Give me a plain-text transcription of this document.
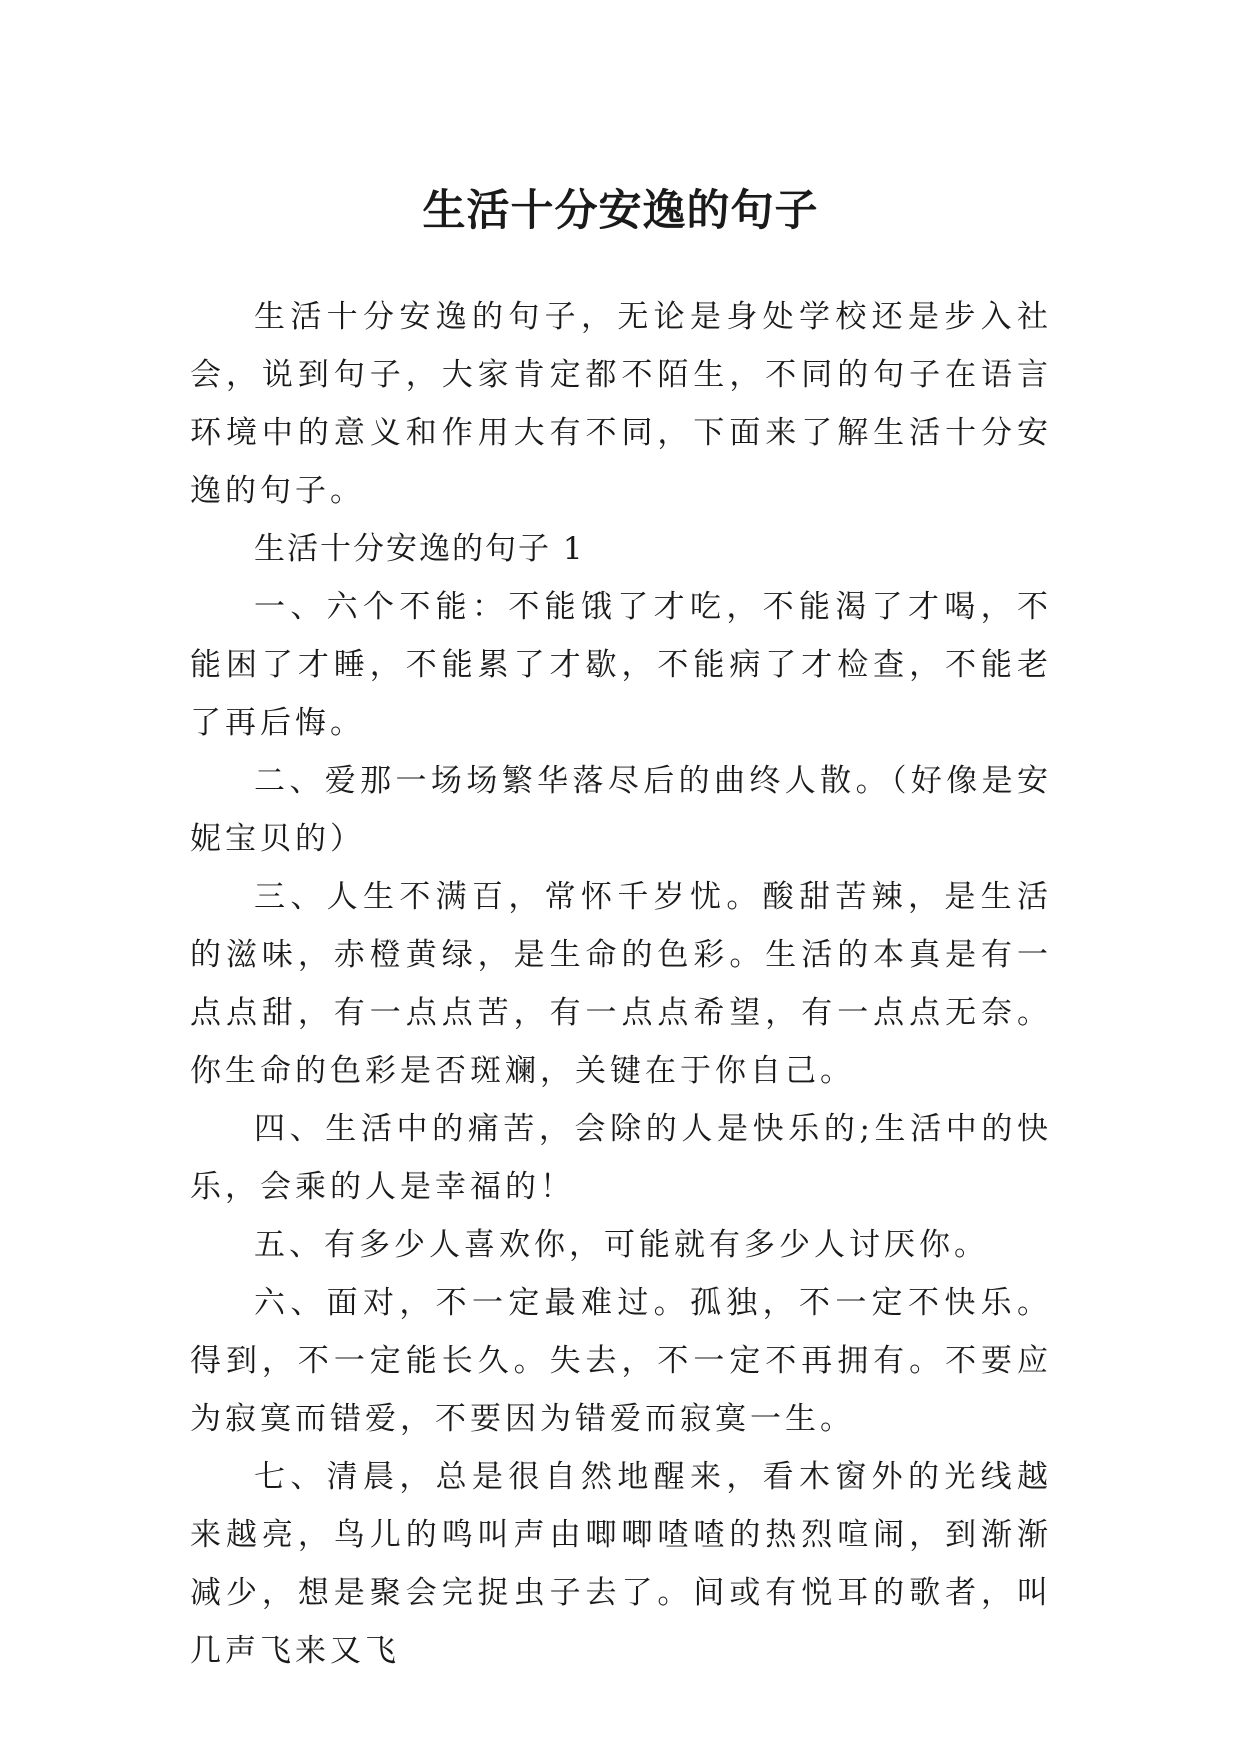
生活十分安逸的句子

生活十分安逸的句子，无论是身处学校还是步入社会，说到句子，大家肯定都不陌生，不同的句子在语言环境中的意义和作用大有不同，下面来了解生活十分安逸的句子。

生活十分安逸的句子 1

一、六个不能：不能饿了才吃，不能渴了才喝，不能困了才睡，不能累了才歇，不能病了才检查，不能老了再后悔。
二、爱那一场场繁华落尽后的曲终人散。（好像是安妮宝贝的）
三、人生不满百，常怀千岁忧。酸甜苦辣，是生活的滋味，赤橙黄绿，是生命的色彩。生活的本真是有一点点甜，有一点点苦，有一点点希望，有一点点无奈。你生命的色彩是否斑斓，关键在于你自己。
四、生活中的痛苦，会除的人是快乐的;生活中的快乐，会乘的人是幸福的！
五、有多少人喜欢你，可能就有多少人讨厌你。
六、面对，不一定最难过。孤独，不一定不快乐。得到，不一定能长久。失去，不一定不再拥有。不要应为寂寞而错爱，不要因为错爱而寂寞一生。
七、清晨，总是很自然地醒来，看木窗外的光线越来越亮，鸟儿的鸣叫声由唧唧喳喳的热烈喧闹，到渐渐减少，想是聚会完捉虫子去了。间或有悦耳的歌者，叫几声飞来又飞
